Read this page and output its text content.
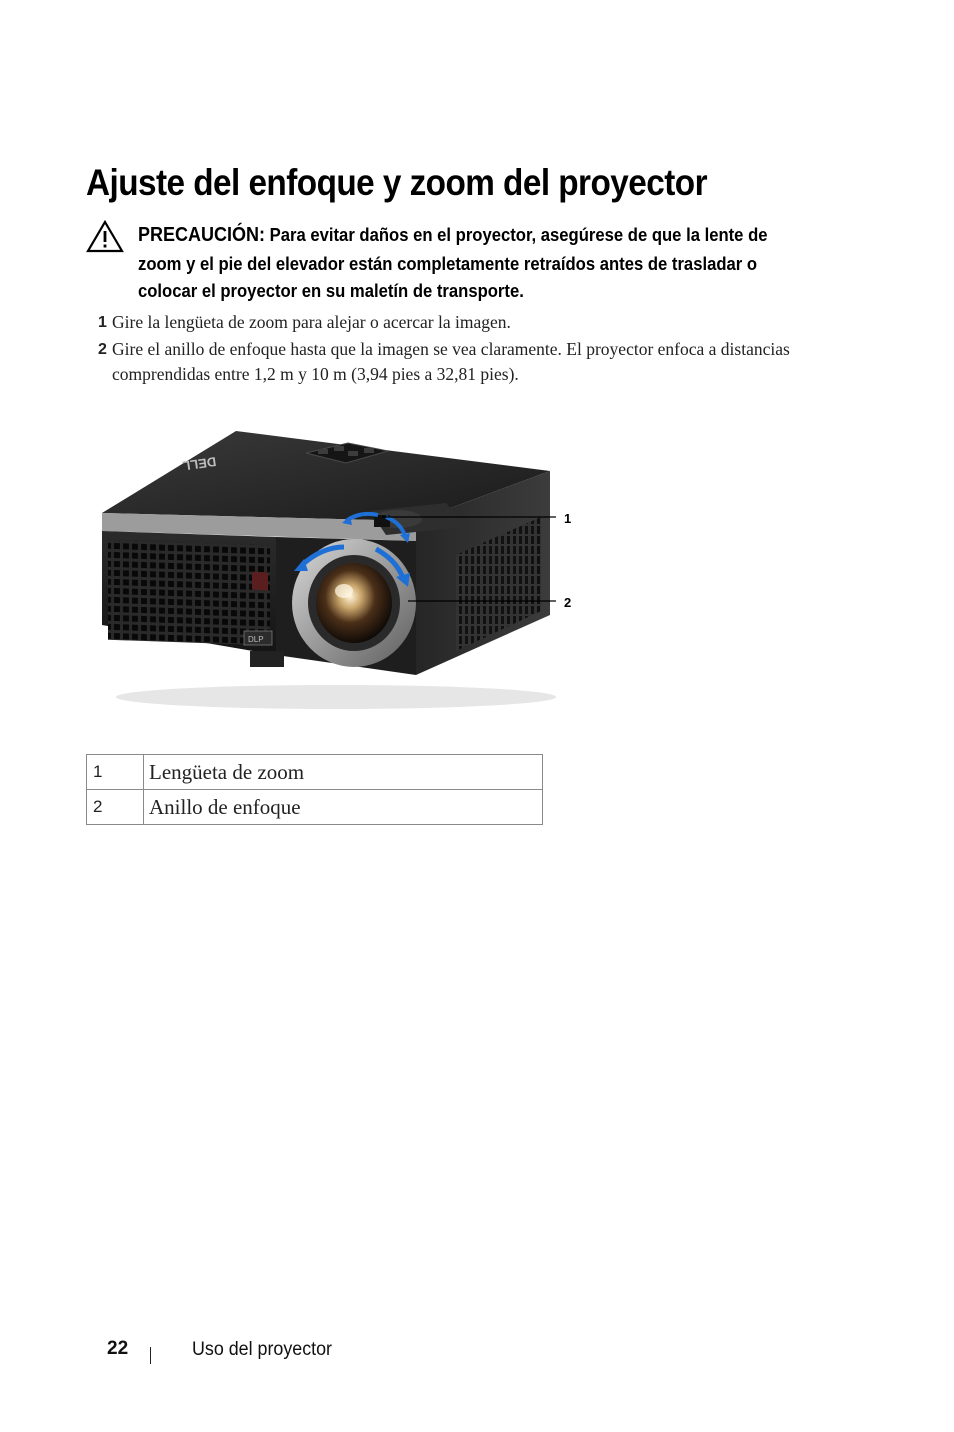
Ajuste del enfoque y zoom del proyector

PRECAUCIÓN: Para evitar daños en el proyector, asegúrese de que la lente de zoom y el pie del elevador están completamente retraídos antes de trasladar o colocar el proyector en su maletín de transporte.

1 Gire la lengüeta de zoom para alejar o acercar la imagen.
2 Gire el anillo de enfoque hasta que la imagen se vea claramente. El proyector enfoca a distancias comprendidas entre 1,2 m y 10 m (3,94 pies a 32,81 pies).
DELL
DLP
1
2
1	Lengüeta de zoom
2	Anillo de enfoque
22	Uso del proyector
